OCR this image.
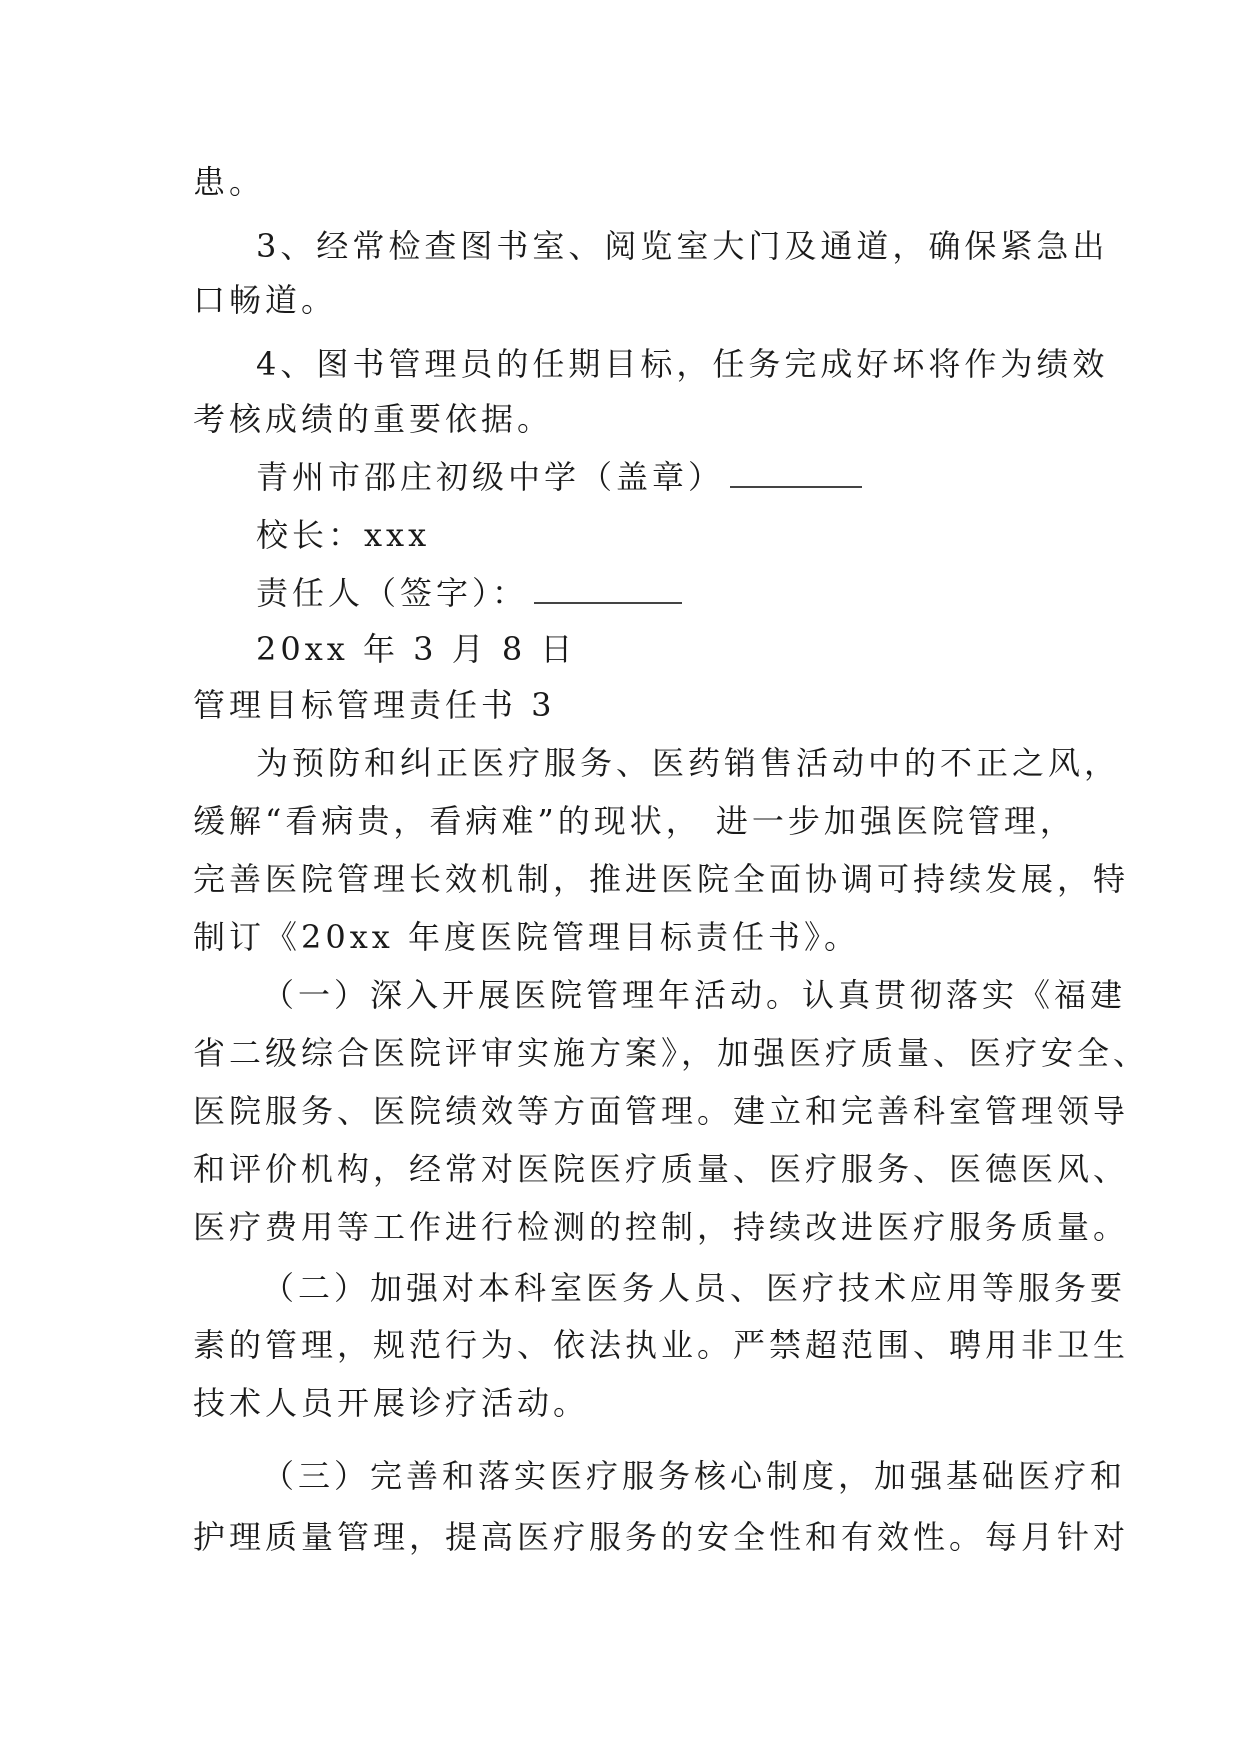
患。
3、经常检查图书室、阅览室大门及通道，确保紧急出
口畅道。
4、图书管理员的任期目标，任务完成好坏将作为绩效
考核成绩的重要依据。
青州市邵庄初级中学（盖章）
校长：xxx
责任人（签字）：
20xx 年 3 月 8 日
管理目标管理责任书 3
为预防和纠正医疗服务、医药销售活动中的不正之风，
缓解“看病贵，看病难”的现状， 进一步加强医院管理，
完善医院管理长效机制，推进医院全面协调可持续发展，特
制订《20xx 年度医院管理目标责任书》。
（一）深入开展医院管理年活动。认真贯彻落实《福建
省二级综合医院评审实施方案》，加强医疗质量、医疗安全、
医院服务、医院绩效等方面管理。建立和完善科室管理领导
和评价机构，经常对医院医疗质量、医疗服务、医德医风、
医疗费用等工作进行检测的控制，持续改进医疗服务质量。
（二）加强对本科室医务人员、医疗技术应用等服务要
素的管理，规范行为、依法执业。严禁超范围、聘用非卫生
技术人员开展诊疗活动。
（三）完善和落实医疗服务核心制度，加强基础医疗和
护理质量管理，提高医疗服务的安全性和有效性。每月针对
